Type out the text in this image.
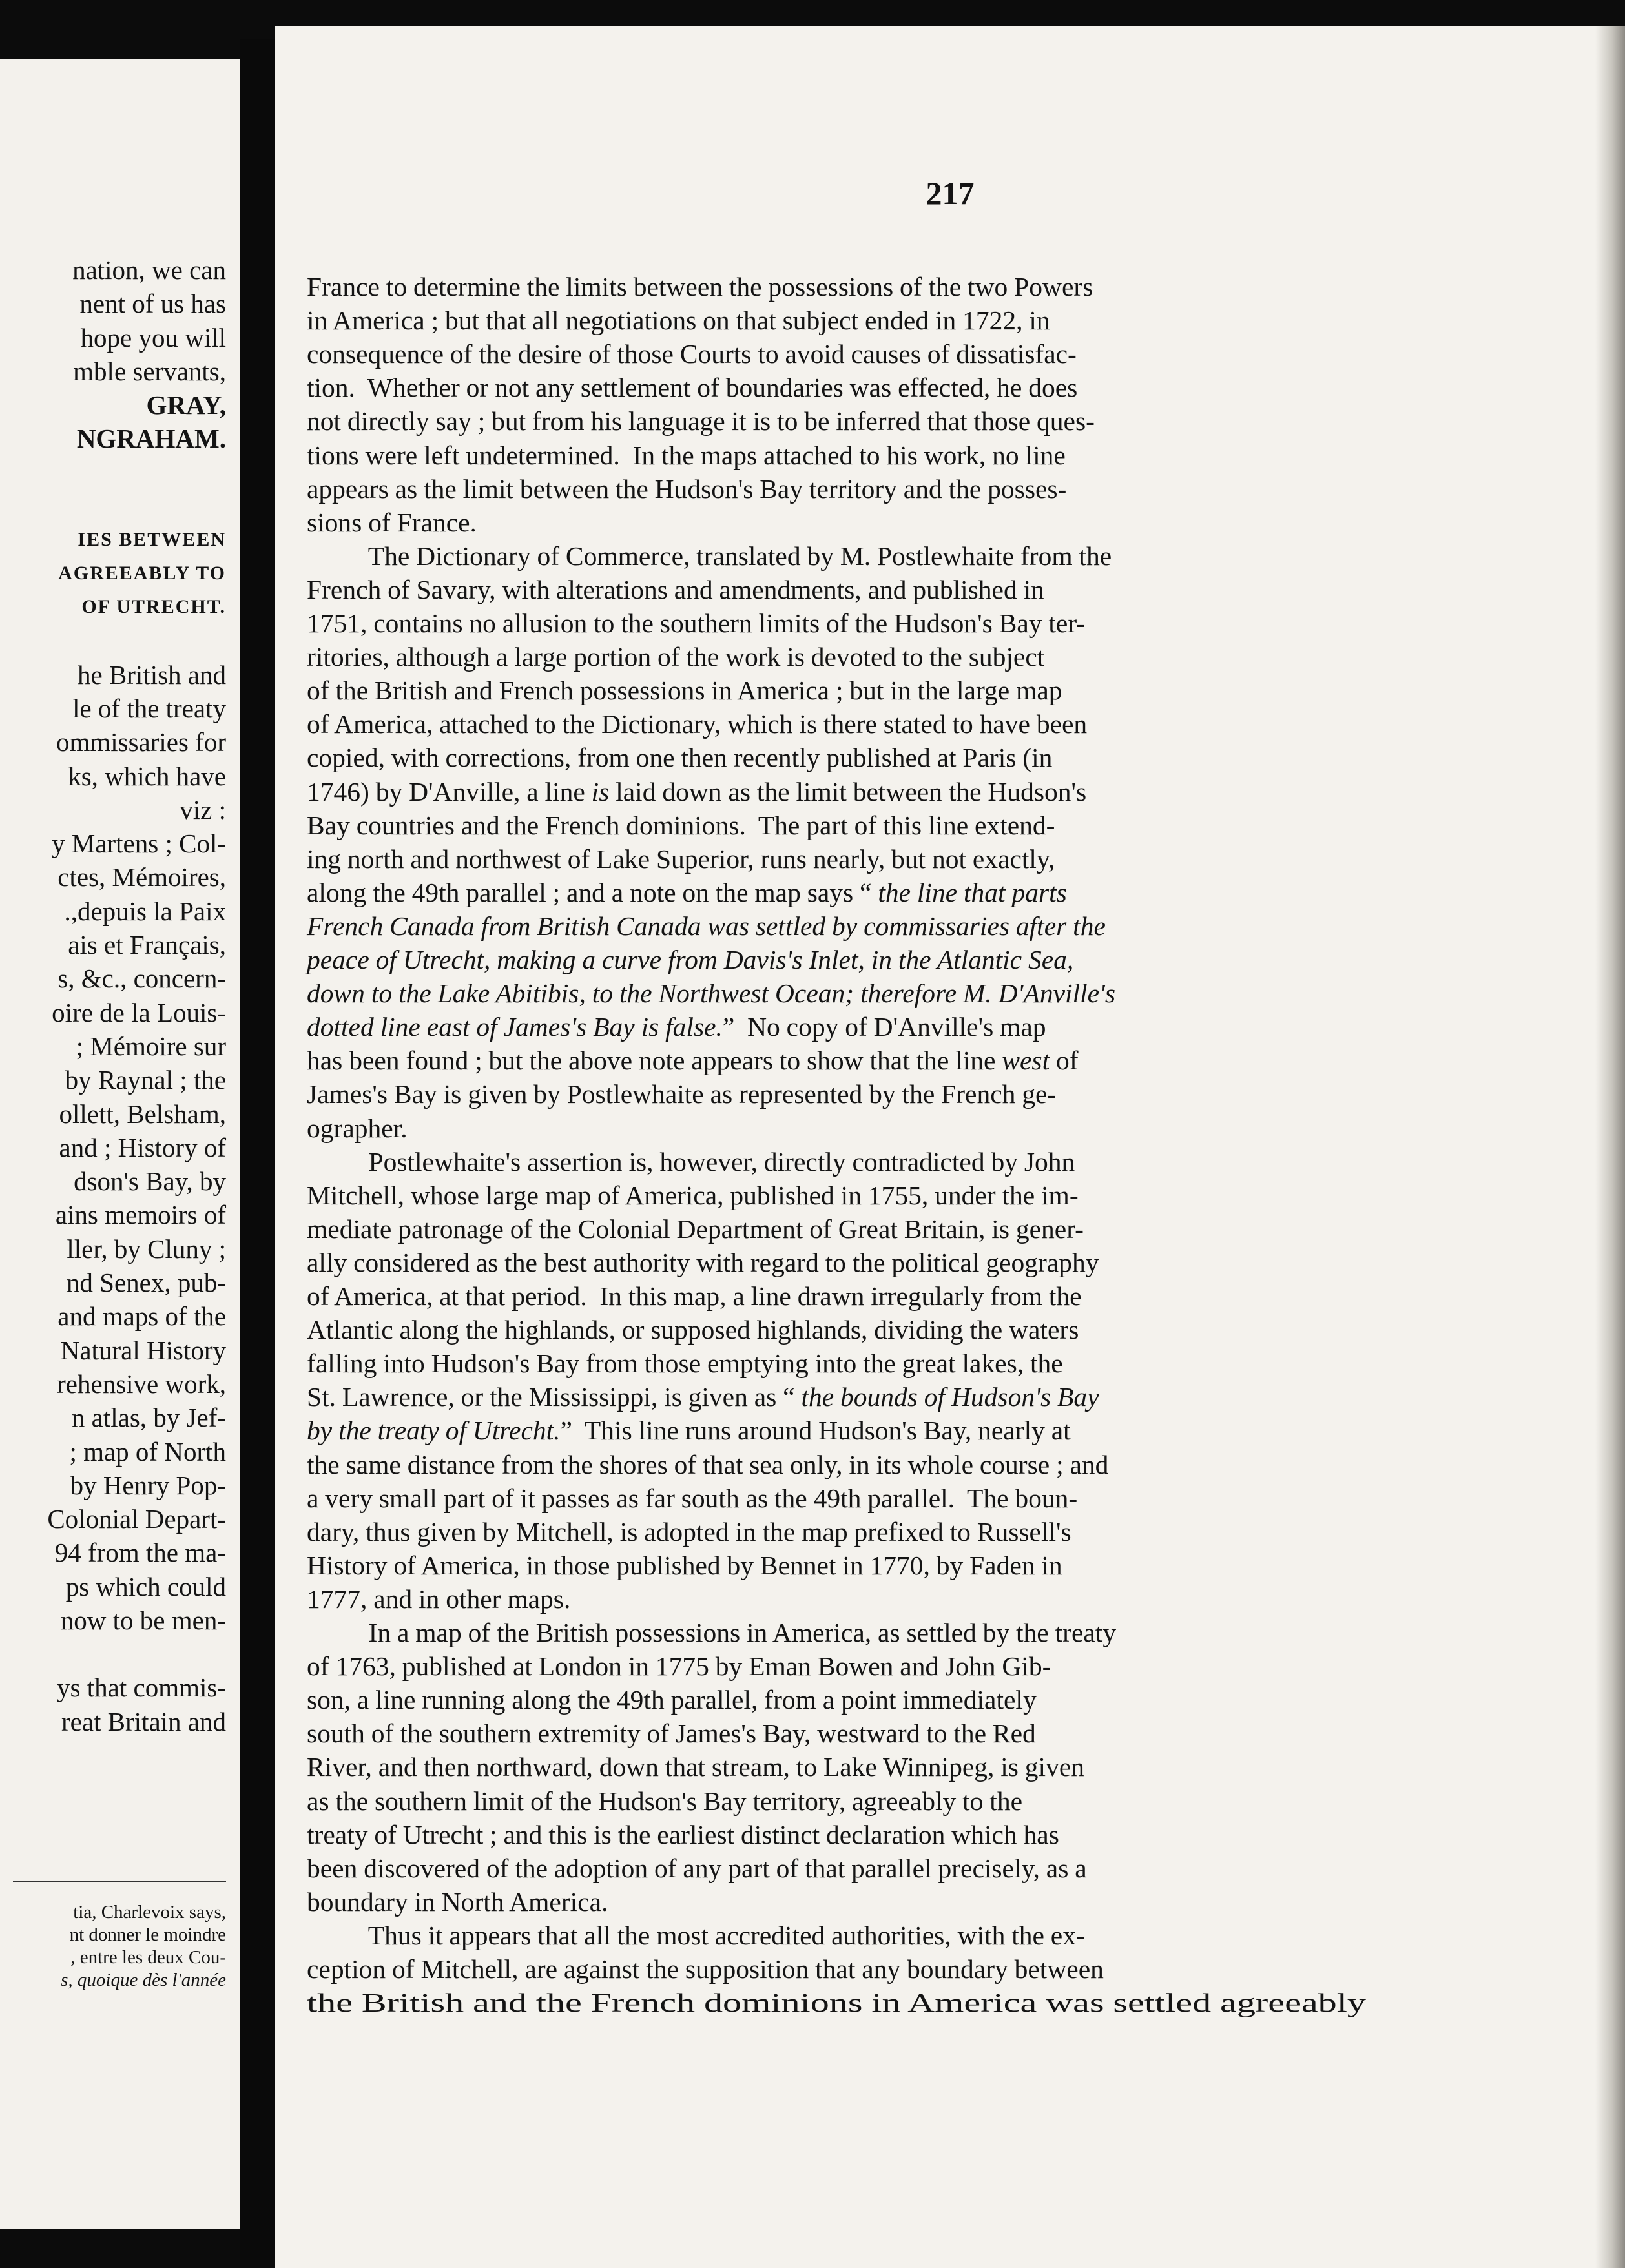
nation, we can
nent of us has
hope you will
mble servants,
GRAY,
NGRAHAM.
IES BETWEEN
AGREEABLY TO
OF UTRECHT.
he British and
le of the treaty
ommissaries for
ks, which have
viz :
y Martens ; Col-
ctes, Mémoires,
.,depuis la Paix
ais et Français,
s, &c., concern-
oire de la Louis-
; Mémoire sur
by Raynal ; the
ollett, Belsham,
and ; History of
dson's Bay, by
ains memoirs of
ller, by Cluny ;
nd Senex, pub-
and maps of the
Natural History
rehensive work,
n atlas, by Jef-
; map of North
by Henry Pop-
Colonial Depart-
94 from the ma-
ps which could
now to be men-
ys that commis-
reat Britain and
tia, Charlevoix says,
nt donner le moindre
, entre les deux Cou-
s, quoique dès l'année
217
France to determine the limits between the possessions of the two Powers
in America ; but that all negotiations on that subject ended in 1722, in
consequence of the desire of those Courts to avoid causes of dissatisfac-
tion.  Whether or not any settlement of boundaries was effected, he does
not directly say ; but from his language it is to be inferred that those ques-
tions were left undetermined.  In the maps attached to his work, no line
appears as the limit between the Hudson's Bay territory and the posses-
sions of France.
The Dictionary of Commerce, translated by M. Postlewhaite from the
French of Savary, with alterations and amendments, and published in
1751, contains no allusion to the southern limits of the Hudson's Bay ter-
ritories, although a large portion of the work is devoted to the subject
of the British and French possessions in America ; but in the large map
of America, attached to the Dictionary, which is there stated to have been
copied, with corrections, from one then recently published at Paris (in
1746) by D'Anville, a line is laid down as the limit between the Hudson's
Bay countries and the French dominions.  The part of this line extend-
ing north and northwest of Lake Superior, runs nearly, but not exactly,
along the 49th parallel ; and a note on the map says “ the line that parts
French Canada from British Canada was settled by commissaries after the
peace of Utrecht, making a curve from Davis's Inlet, in the Atlantic Sea,
down to the Lake Abitibis, to the Northwest Ocean; therefore M. D'Anville's
dotted line east of James's Bay is false.”  No copy of D'Anville's map
has been found ; but the above note appears to show that the line west of
James's Bay is given by Postlewhaite as represented by the French ge-
ographer.
Postlewhaite's assertion is, however, directly contradicted by John
Mitchell, whose large map of America, published in 1755, under the im-
mediate patronage of the Colonial Department of Great Britain, is gener-
ally considered as the best authority with regard to the political geography
of America, at that period.  In this map, a line drawn irregularly from the
Atlantic along the highlands, or supposed highlands, dividing the waters
falling into Hudson's Bay from those emptying into the great lakes, the
St. Lawrence, or the Mississippi, is given as “ the bounds of Hudson's Bay
by the treaty of Utrecht.”  This line runs around Hudson's Bay, nearly at
the same distance from the shores of that sea only, in its whole course ; and
a very small part of it passes as far south as the 49th parallel.  The boun-
dary, thus given by Mitchell, is adopted in the map prefixed to Russell's
History of America, in those published by Bennet in 1770, by Faden in
1777, and in other maps.
In a map of the British possessions in America, as settled by the treaty
of 1763, published at London in 1775 by Eman Bowen and John Gib-
son, a line running along the 49th parallel, from a point immediately
south of the southern extremity of James's Bay, westward to the Red
River, and then northward, down that stream, to Lake Winnipeg, is given
as the southern limit of the Hudson's Bay territory, agreeably to the
treaty of Utrecht ; and this is the earliest distinct declaration which has
been discovered of the adoption of any part of that parallel precisely, as a
boundary in North America.
Thus it appears that all the most accredited authorities, with the ex-
ception of Mitchell, are against the supposition that any boundary between
the British and the French dominions in America was settled agreeably
